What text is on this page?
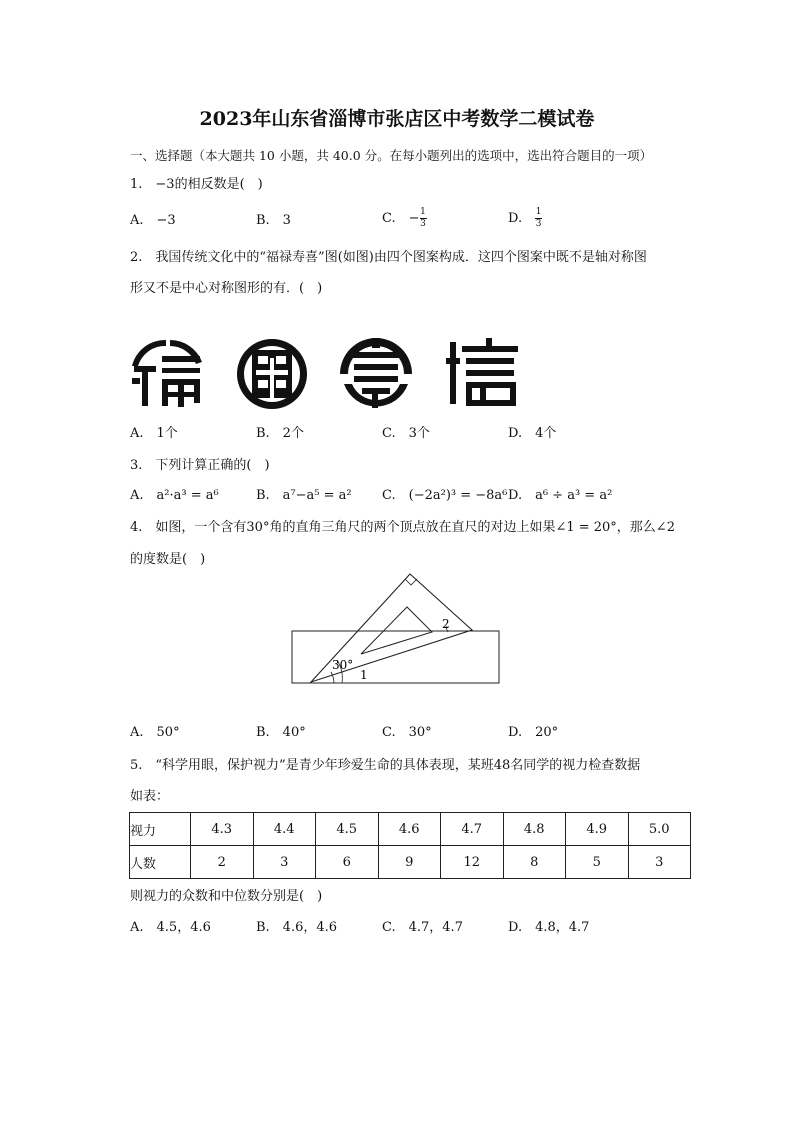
2023年山东省淄博市张店区中考数学二模试卷
一、选择题（本大题共 10 小题，共 40.0 分。在每小题列出的选项中，选出符合题目的一项）
1.　−3的相反数是(　)
A.　−3	B.　3	C.　− $\frac{1}{3}$	D.　 $\frac{1}{3}$
2.　我国传统文化中的“福禄寿喜”图(如图)由四个图案构成．这四个图案中既不是轴对称图
形又不是中心对称图形的有．(　)
A.　1个	B.　2个	C.　3个	D.　4个
3.　下列计算正确的(　)
A.　a²·a³ = a⁶	B.　a⁷−a⁵ = a² C.　(−2a²)³ = −8a⁶ D.　a⁶ ÷ a³ = a²
4.　如图，一个含有30°角的直角三角尺的两个顶点放在直尺的对边上如果∠1 = 20°，那么∠2
的度数是(　)
30°
1
2
A.　50°	B.　40°	C.　30°	D.　20°
5.　“科学用眼，保护视力”是青少年珍爱生命的具体表现，某班48名同学的视力检查数据
如表：
视力	4.3	4.4	4.5	4.6	4.7	4.8	4.9	5.0
人数	2	3	6	9	12	8	5	3
则视力的众数和中位数分别是(　)
A.　4.5，4.6	B.　4.6，4.6	C.　4.7，4.7	D.　4.8，4.7
